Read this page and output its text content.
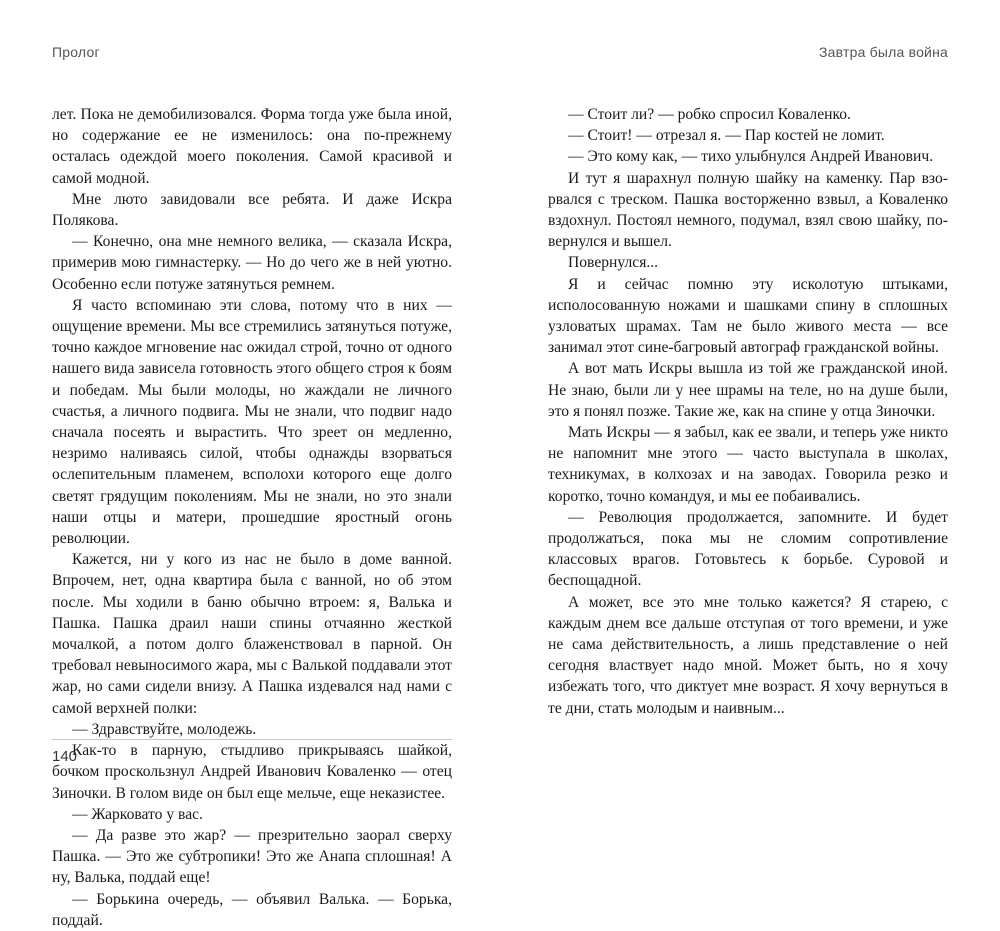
Пролог	Завтра была война

лет. Пока не демобилизовался. Форма тогда уже была иной, но содержание ее не изменилось: она по-прежнему осталась одеждой моего поколения. Самой красивой и самой модной.

Мне люто завидовали все ребята. И даже Искра Полякова.

— Конечно, она мне немного велика, — сказала Искра, примерив мою гимнастерку. — Но до чего же в ней уютно. Особенно если потуже затянуться ремнем.

Я часто вспоминаю эти слова, потому что в них — ощущение времени. Мы все стремились затянуться потуже, точно каждое мгновение нас ожидал строй, точно от одного нашего вида зависела готовность этого общего строя к боям и победам. Мы были молоды, но жаждали не личного счастья, а личного подвига. Мы не знали, что подвиг надо сначала посеять и вырастить. Что зреет он медленно, незримо наливаясь силой, чтобы однажды взорваться ослепительным пламенем, всполохи которого еще долго светят грядущим поколениям. Мы не знали, но это знали наши отцы и матери, прошедшие яростный огонь революции.

Кажется, ни у кого из нас не было в доме ванной. Впрочем, нет, одна квартира была с ванной, но об этом после. Мы ходили в баню обычно втроем: я, Валька и Пашка. Пашка драил наши спины отчаянно жесткой мочалкой, а потом долго блаженствовал в парной. Он требовал невыносимого жара, мы с Валькой поддавали этот жар, но сами сидели внизу. А Пашка издевался над нами с самой верхней полки:

— Здравствуйте, молодежь.

Как-то в парную, стыдливо прикрываясь шайкой, бочком проскользнул Андрей Иванович Коваленко — отец Зиночки. В голом виде он был еще мельче, еще неказистее.

— Жарковато у вас.

— Да разве это жар? — презрительно заорал сверху Пашка. — Это же субтропики! Это же Анапа сплошная! А ну, Валька, поддай еще!

— Борькина очередь, — объявил Валька. — Борька, поддай.

— Стоит ли? — робко спросил Коваленко.

— Стоит! — отрезал я. — Пар костей не ломит.

— Это кому как, — тихо улыбнулся Андрей Иванович.

И тут я шарахнул полную шайку на каменку. Пар взорвался с треском. Пашка восторженно взвыл, а Коваленко вздохнул. Постоял немного, подумал, взял свою шайку, повернулся и вышел.

Повернулся...

Я и сейчас помню эту исколотую штыками, исполосованную ножами и шашками спину в сплошных узловатых шрамах. Там не было живого места — все занимал этот сине-багровый автограф гражданской войны.

А вот мать Искры вышла из той же гражданской иной. Не знаю, были ли у нее шрамы на теле, но на душе были, это я понял позже. Такие же, как на спине у отца Зиночки.

Мать Искры — я забыл, как ее звали, и теперь уже никто не напомнит мне этого — часто выступала в школах, техникумах, в колхозах и на заводах. Говорила резко и коротко, точно командуя, и мы ее побаивались.

— Революция продолжается, запомните. И будет продолжаться, пока мы не сломим сопротивление классовых врагов. Готовьтесь к борьбе. Суровой и беспощадной.

А может, все это мне только кажется? Я старею, с каждым днем все дальше отступая от того времени, и уже не сама действительность, а лишь представление о ней сегодня властвует надо мной. Может быть, но я хочу избежать того, что диктует мне возраст. Я хочу вернуться в те дни, стать молодым и наивным...

140
